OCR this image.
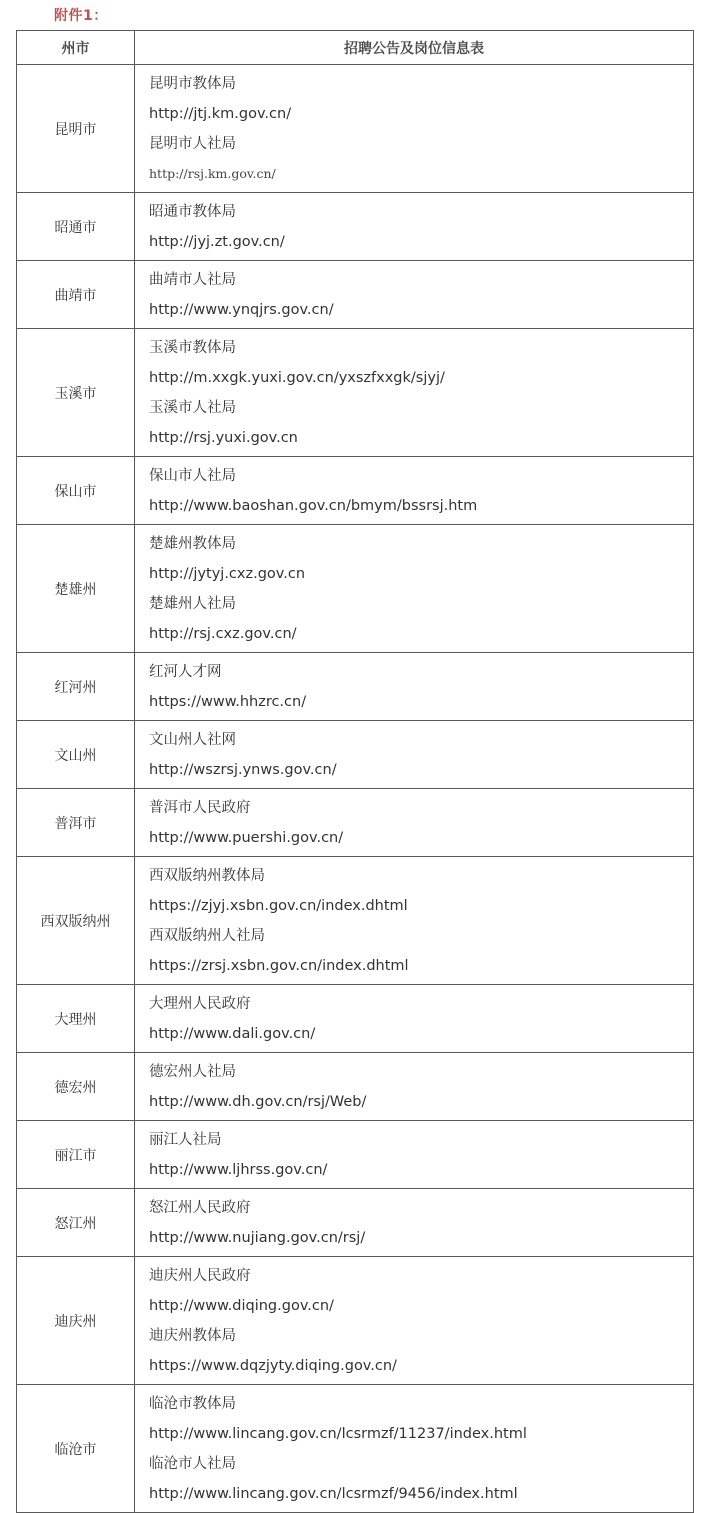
附件1：
州市	招聘公告及岗位信息表
昆明市	昆明市教体局
http://jtj.km.gov.cn/
昆明市人社局
http://rsj.km.gov.cn/

昭通市	昭通市教体局
http://jyj.zt.gov.cn/

曲靖市	曲靖市人社局
http://www.ynqjrs.gov.cn/

玉溪市	玉溪市教体局
http://m.xxgk.yuxi.gov.cn/yxszfxxgk/sjyj/
玉溪市人社局
http://rsj.yuxi.gov.cn

保山市	保山市人社局
http://www.baoshan.gov.cn/bmym/bssrsj.htm

楚雄州	楚雄州教体局
http://jytyj.cxz.gov.cn
楚雄州人社局
http://rsj.cxz.gov.cn/

红河州	红河人才网
https://www.hhzrc.cn/

文山州	文山州人社网
http://wszrsj.ynws.gov.cn/

普洱市	普洱市人民政府
http://www.puershi.gov.cn/

西双版纳州	西双版纳州教体局
https://zjyj.xsbn.gov.cn/index.dhtml
西双版纳州人社局
https://zrsj.xsbn.gov.cn/index.dhtml

大理州	大理州人民政府
http://www.dali.gov.cn/

德宏州	德宏州人社局
http://www.dh.gov.cn/rsj/Web/

丽江市	丽江人社局
http://www.ljhrss.gov.cn/

怒江州	怒江州人民政府
http://www.nujiang.gov.cn/rsj/

迪庆州	迪庆州人民政府
http://www.diqing.gov.cn/
迪庆州教体局
https://www.dqzjyty.diqing.gov.cn/

临沧市	临沧市教体局
http://www.lincang.gov.cn/lcsrmzf/11237/index.html
临沧市人社局
http://www.lincang.gov.cn/lcsrmzf/9456/index.html
